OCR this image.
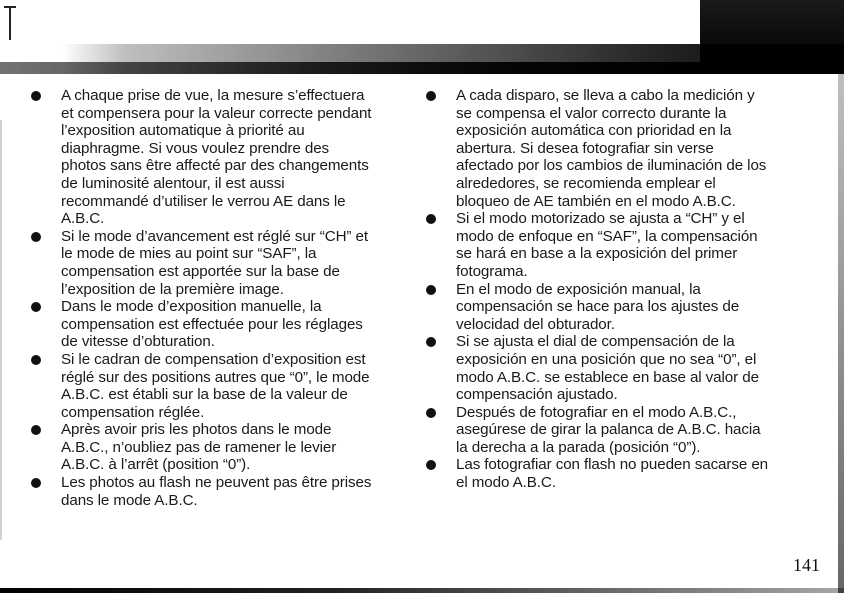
A chaque prise de vue, la mesure s’effectuera
et compensera pour la valeur correcte pendant
l’exposition automatique à priorité au
diaphragme. Si vous voulez prendre des
photos sans être affecté par des changements
de luminosité alentour, il est aussi
recommandé d’utiliser le verrou AE dans le
A.B.C.
Si le mode d’avancement est réglé sur “CH” et
le mode de mies au point sur “SAF”, la
compensation est apportée sur la base de
l’exposition de la première image.
Dans le mode d’exposition manuelle, la
compensation est effectuée pour les réglages
de vitesse d’obturation.
Si le cadran de compensation d’exposition est
réglé sur des positions autres que “0”, le mode
A.B.C. est établi sur la base de la valeur de
compensation réglée.
Après avoir pris les photos dans le mode
A.B.C., n’oubliez pas de ramener le levier
A.B.C. à l’arrêt (position “0”).
Les photos au flash ne peuvent pas être prises
dans le mode A.B.C.
A cada disparo, se lleva a cabo la medición y
se compensa el valor correcto durante la
exposición automática con prioridad en la
abertura. Si desea fotografiar sin verse
afectado por los cambios de iluminación de los
alrededores, se recomienda emplear el
bloqueo de AE también en el modo A.B.C.
Si el modo motorizado se ajusta a “CH” y el
modo de enfoque en “SAF”, la compensación
se hará en base a la exposición del primer
fotograma.
En el modo de exposición manual, la
compensación se hace para los ajustes de
velocidad del obturador.
Si se ajusta el dial de compensación de la
exposición en una posición que no sea “0”, el
modo A.B.C. se establece en base al valor de
compensación ajustado.
Después de fotografiar en el modo A.B.C.,
asegúrese de girar la palanca de A.B.C. hacia
la derecha a la parada (posición “0”).
Las fotografiar con flash no pueden sacarse en
el modo A.B.C.
141
